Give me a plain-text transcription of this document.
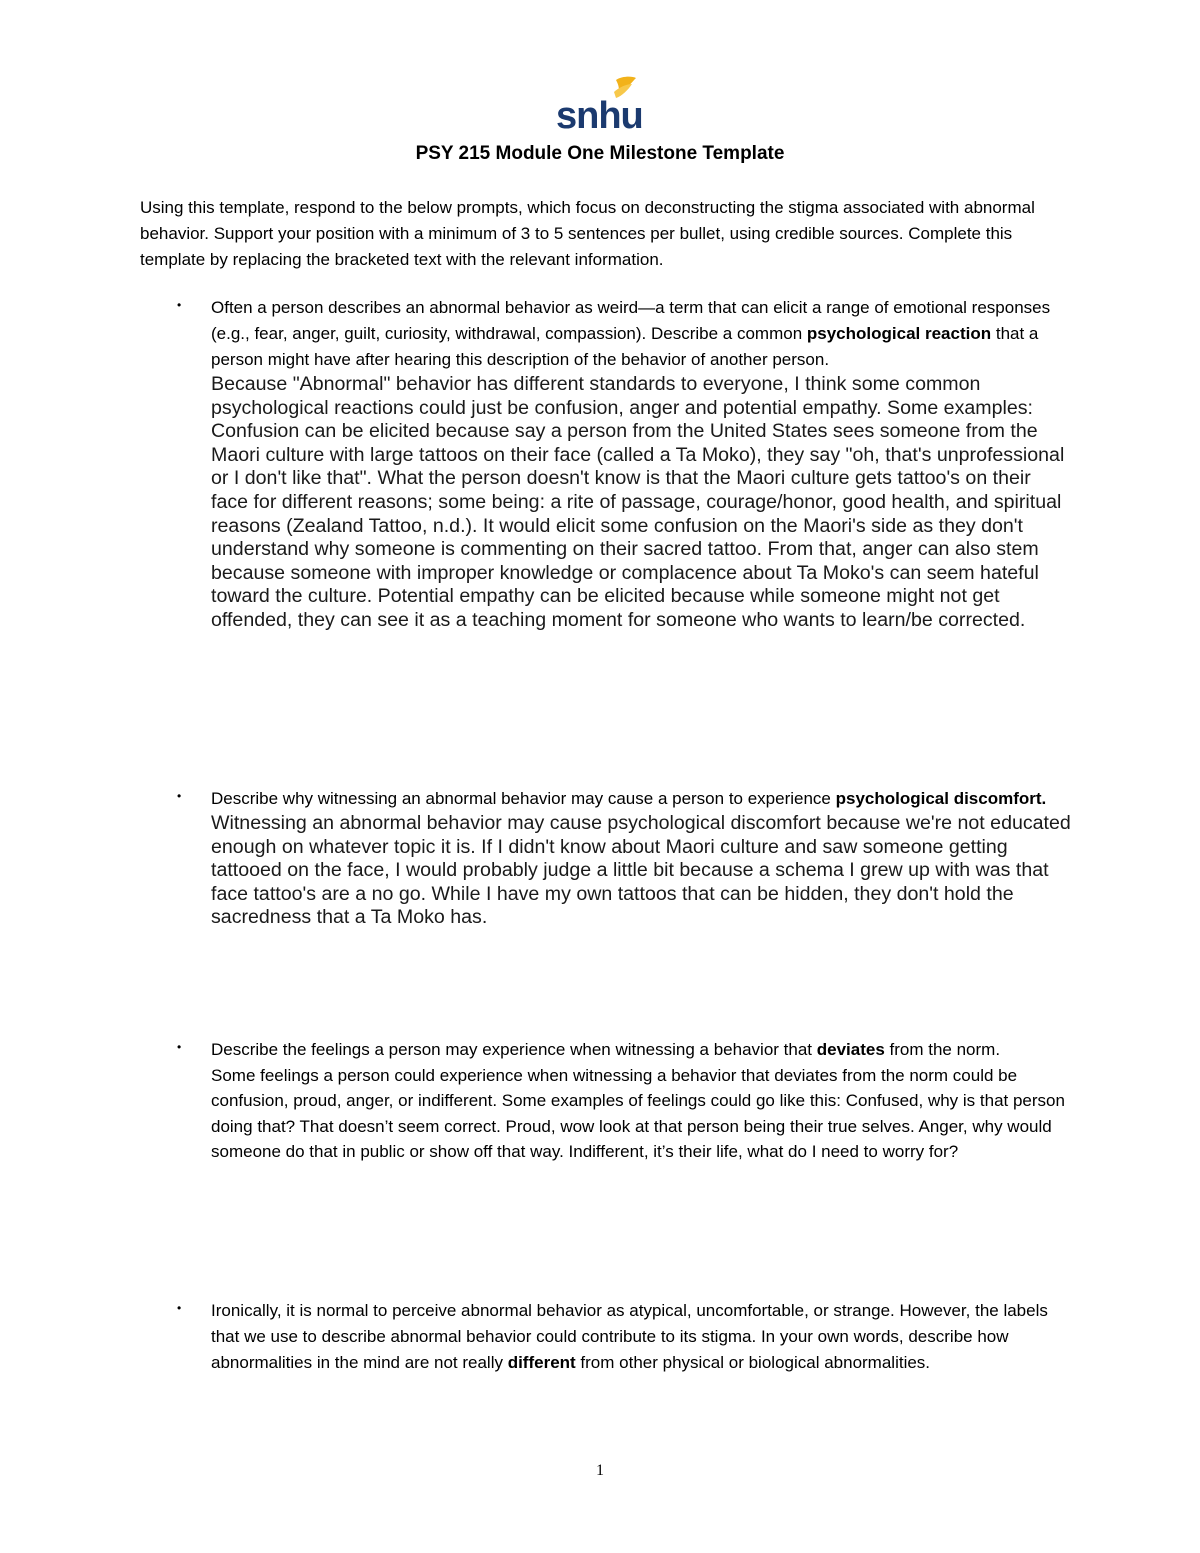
snhu
PSY 215 Module One Milestone Template
Using this template, respond to the below prompts, which focus on deconstructing the stigma associated with abnormal behavior. Support your position with a minimum of 3 to 5 sentences per bullet, using credible sources. Complete this template by replacing the bracketed text with the relevant information.
• Often a person describes an abnormal behavior as weird—a term that can elicit a range of emotional responses (e.g., fear, anger, guilt, curiosity, withdrawal, compassion). Describe a common psychological reaction that a person might have after hearing this description of the behavior of another person.
Because "Abnormal" behavior has different standards to everyone, I think some common psychological reactions could just be confusion, anger and potential empathy. Some examples: Confusion can be elicited because say a person from the United States sees someone from the Maori culture with large tattoos on their face (called a Ta Moko), they say "oh, that's unprofessional or I don't like that". What the person doesn't know is that the Maori culture gets tattoo's on their face for different reasons; some being: a rite of passage, courage/honor, good health, and spiritual reasons (Zealand Tattoo, n.d.). It would elicit some confusion on the Maori's side as they don't understand why someone is commenting on their sacred tattoo. From that, anger can also stem because someone with improper knowledge or complacence about Ta Moko's can seem hateful toward the culture. Potential empathy can be elicited because while someone might not get offended, they can see it as a teaching moment for someone who wants to learn/be corrected.
• Describe why witnessing an abnormal behavior may cause a person to experience psychological discomfort.
Witnessing an abnormal behavior may cause psychological discomfort because we're not educated enough on whatever topic it is. If I didn't know about Maori culture and saw someone getting tattooed on the face, I would probably judge a little bit because a schema I grew up with was that face tattoo's are a no go. While I have my own tattoos that can be hidden, they don't hold the sacredness that a Ta Moko has.
• Describe the feelings a person may experience when witnessing a behavior that deviates from the norm.
Some feelings a person could experience when witnessing a behavior that deviates from the norm could be confusion, proud, anger, or indifferent. Some examples of feelings could go like this: Confused, why is that person doing that? That doesn’t seem correct. Proud, wow look at that person being their true selves. Anger, why would someone do that in public or show off that way. Indifferent, it’s their life, what do I need to worry for?
• Ironically, it is normal to perceive abnormal behavior as atypical, uncomfortable, or strange. However, the labels that we use to describe abnormal behavior could contribute to its stigma. In your own words, describe how abnormalities in the mind are not really different from other physical or biological abnormalities.
1
